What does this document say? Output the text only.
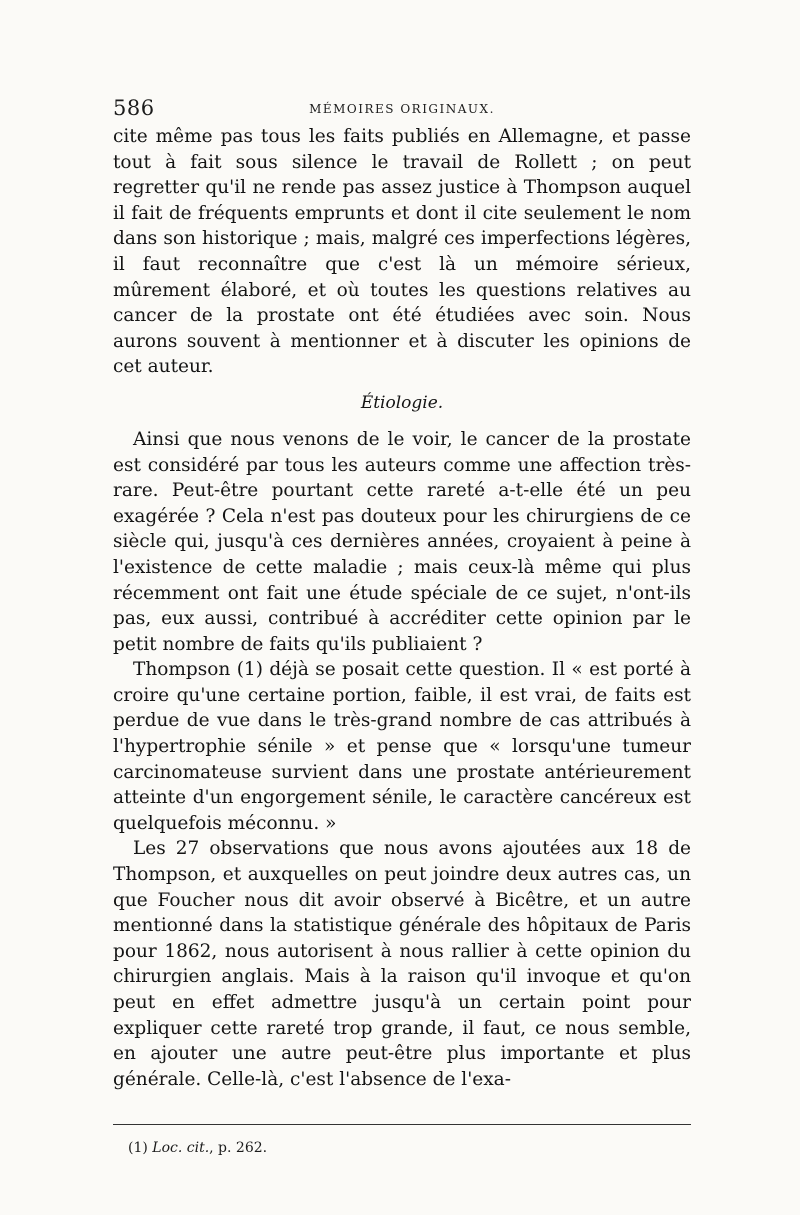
586	MÉMOIRES ORIGINAUX.

cite même pas tous les faits publiés en Allemagne, et passe tout à fait sous silence le travail de Rollett ; on peut regretter qu'il ne rende pas assez justice à Thompson auquel il fait de fréquents emprunts et dont il cite seulement le nom dans son historique ; mais, malgré ces imperfections légères, il faut reconnaître que c'est là un mémoire sérieux, mûrement élaboré, et où toutes les questions relatives au cancer de la prostate ont été étudiées avec soin. Nous aurons souvent à mentionner et à discuter les opinions de cet auteur.

Étiologie.

Ainsi que nous venons de le voir, le cancer de la prostate est considéré par tous les auteurs comme une affection très-rare. Peut-être pourtant cette rareté a-t-elle été un peu exagérée ? Cela n'est pas douteux pour les chirurgiens de ce siècle qui, jusqu'à ces dernières années, croyaient à peine à l'existence de cette maladie ; mais ceux-là même qui plus récemment ont fait une étude spéciale de ce sujet, n'ont-ils pas, eux aussi, contribué à accréditer cette opinion par le petit nombre de faits qu'ils publiaient ?

Thompson (1) déjà se posait cette question. Il « est porté à croire qu'une certaine portion, faible, il est vrai, de faits est perdue de vue dans le très-grand nombre de cas attribués à l'hypertrophie sénile » et pense que « lorsqu'une tumeur carcinomateuse survient dans une prostate antérieurement atteinte d'un engorgement sénile, le caractère cancéreux est quelquefois méconnu. »

Les 27 observations que nous avons ajoutées aux 18 de Thompson, et auxquelles on peut joindre deux autres cas, un que Foucher nous dit avoir observé à Bicêtre, et un autre mentionné dans la statistique générale des hôpitaux de Paris pour 1862, nous autorisent à nous rallier à cette opinion du chirurgien anglais. Mais à la raison qu'il invoque et qu'on peut en effet admettre jusqu'à un certain point pour expliquer cette rareté trop grande, il faut, ce nous semble, en ajouter une autre peut-être plus importante et plus générale. Celle-là, c'est l'absence de l'exa-

(1) Loc. cit., p. 262.
